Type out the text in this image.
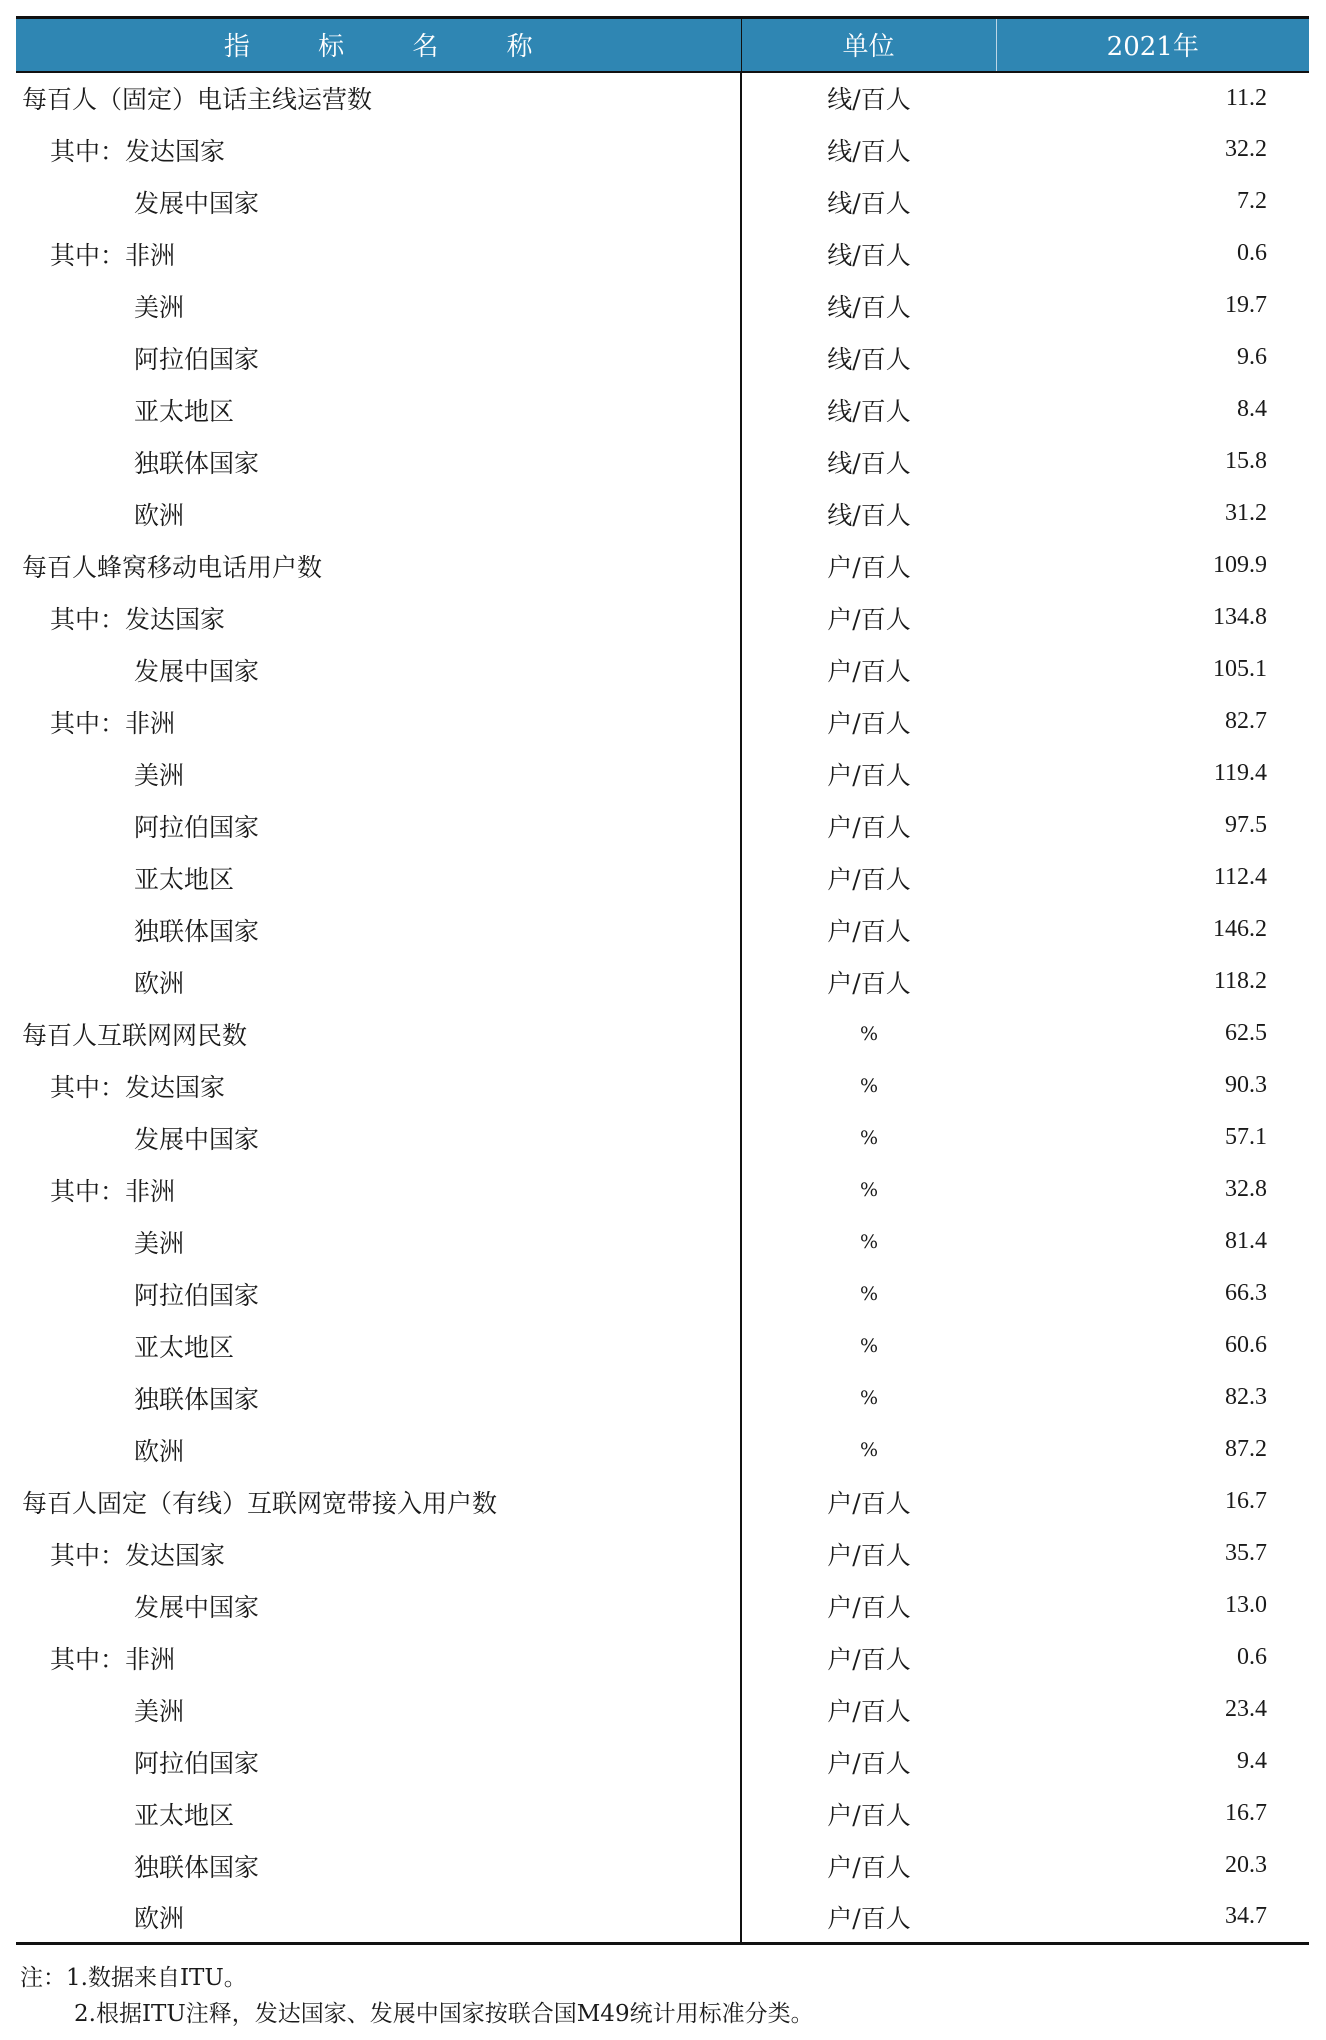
指 标 名 称	单位	2021年
每百人（固定）电话主线运营数	线/百人	11.2
其中：发达国家	线/百人	32.2
发展中国家	线/百人	7.2
其中：非洲	线/百人	0.6
美洲	线/百人	19.7
阿拉伯国家	线/百人	9.6
亚太地区	线/百人	8.4
独联体国家	线/百人	15.8
欧洲	线/百人	31.2
每百人蜂窝移动电话用户数	户/百人	109.9
其中：发达国家	户/百人	134.8
发展中国家	户/百人	105.1
其中：非洲	户/百人	82.7
美洲	户/百人	119.4
阿拉伯国家	户/百人	97.5
亚太地区	户/百人	112.4
独联体国家	户/百人	146.2
欧洲	户/百人	118.2
每百人互联网网民数	%	62.5
其中：发达国家	%	90.3
发展中国家	%	57.1
其中：非洲	%	32.8
美洲	%	81.4
阿拉伯国家	%	66.3
亚太地区	%	60.6
独联体国家	%	82.3
欧洲	%	87.2
每百人固定（有线）互联网宽带接入用户数	户/百人	16.7
其中：发达国家	户/百人	35.7
发展中国家	户/百人	13.0
其中：非洲	户/百人	0.6
美洲	户/百人	23.4
阿拉伯国家	户/百人	9.4
亚太地区	户/百人	16.7
独联体国家	户/百人	20.3
欧洲	户/百人	34.7
注：1.数据来自ITU。
2.根据ITU注释，发达国家、发展中国家按联合国M49统计用标准分类。
